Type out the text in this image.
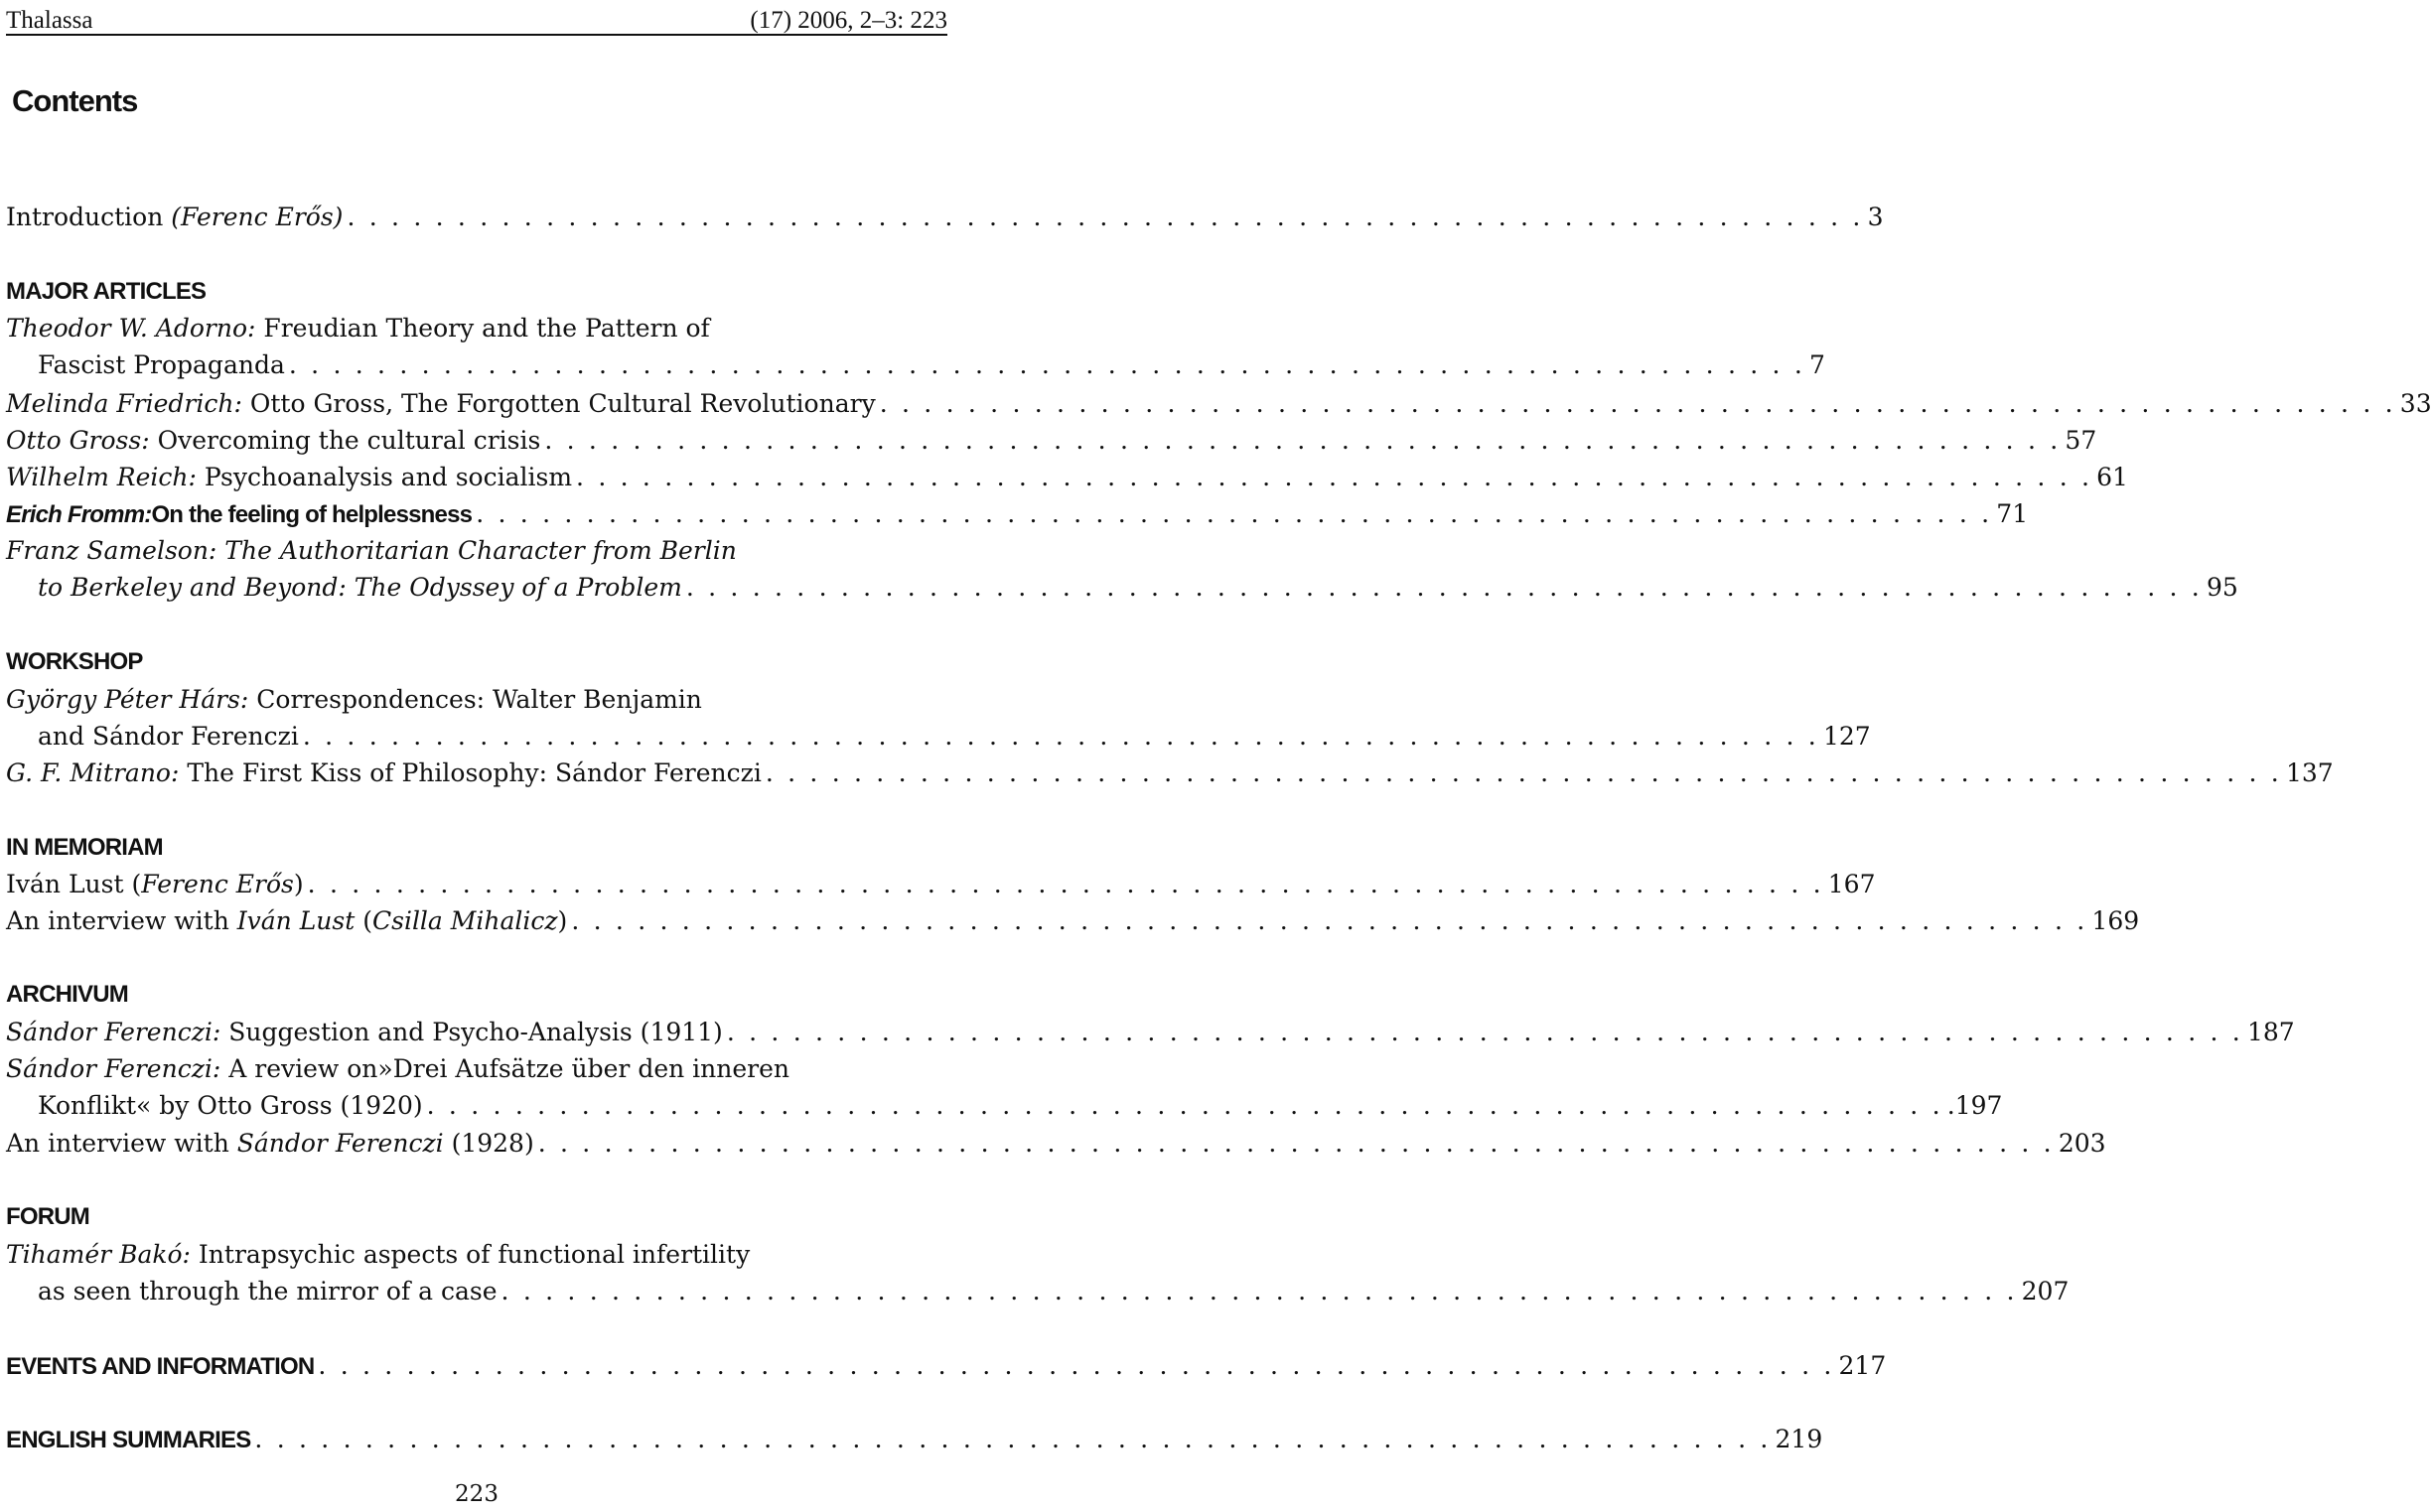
Thalassa	(17) 2006, 2–3: 223
Contents
Introduction (Ferenc Erős) . . . . . . . . . . . . . . . . . . . . . . . . . . . . . . . . . . . . . . . . . . . . . . . . . . . . . . . . . . . . . . . . . . . . . 3
MAJOR ARTICLES
Theodor W. Adorno: Freudian Theory and the Pattern of
Fascist Propaganda . . . . . . . . . . . . . . . . . . . . . . . . . . . . . . . . . . . . . . . . . . . . . . . . . . . . . . . . . . . . . . . . . . . . . 7
Melinda Friedrich: Otto Gross, The Forgotten Cultural Revolutionary . . . . . . . . . . . . . . . . . . . . . . . . . . . . . . . . . . . . . . . . . . . . . . . . . . . . . . . . . . . . . . . . . . . . . 33
Otto Gross: Overcoming the cultural crisis . . . . . . . . . . . . . . . . . . . . . . . . . . . . . . . . . . . . . . . . . . . . . . . . . . . . . . . . . . . . . . . . . . . . . 57
Wilhelm Reich: Psychoanalysis and socialism . . . . . . . . . . . . . . . . . . . . . . . . . . . . . . . . . . . . . . . . . . . . . . . . . . . . . . . . . . . . . . . . . . . . . 61
Erich Fromm:On the feeling of helplessness . . . . . . . . . . . . . . . . . . . . . . . . . . . . . . . . . . . . . . . . . . . . . . . . . . . . . . . . . . . . . . . . . . . . . 71
Franz Samelson: The Authoritarian Character from Berlin
to Berkeley and Beyond: The Odyssey of a Problem . . . . . . . . . . . . . . . . . . . . . . . . . . . . . . . . . . . . . . . . . . . . . . . . . . . . . . . . . . . . . . . . . . . . . 95
WORKSHOP
György Péter Hárs: Correspondences: Walter Benjamin
and Sándor Ferenczi . . . . . . . . . . . . . . . . . . . . . . . . . . . . . . . . . . . . . . . . . . . . . . . . . . . . . . . . . . . . . . . . . . . . . 127
G. F. Mitrano: The First Kiss of Philosophy: Sándor Ferenczi . . . . . . . . . . . . . . . . . . . . . . . . . . . . . . . . . . . . . . . . . . . . . . . . . . . . . . . . . . . . . . . . . . . . . 137
IN MEMORIAM
Iván Lust (Ferenc Erős) . . . . . . . . . . . . . . . . . . . . . . . . . . . . . . . . . . . . . . . . . . . . . . . . . . . . . . . . . . . . . . . . . . . . . 167
An interview with Iván Lust (Csilla Mihalicz) . . . . . . . . . . . . . . . . . . . . . . . . . . . . . . . . . . . . . . . . . . . . . . . . . . . . . . . . . . . . . . . . . . . . . 169
ARCHIVUM
Sándor Ferenczi: Suggestion and Psycho-Analysis (1911) . . . . . . . . . . . . . . . . . . . . . . . . . . . . . . . . . . . . . . . . . . . . . . . . . . . . . . . . . . . . . . . . . . . . . 187
Sándor Ferenczi: A review on»Drei Aufsätze über den inneren
Konflikt« by Otto Gross (1920) . . . . . . . . . . . . . . . . . . . . . . . . . . . . . . . . . . . . . . . . . . . . . . . . . . . . . . . . . . . . . . . . . . . . . .197
An interview with Sándor Ferenczi (1928) . . . . . . . . . . . . . . . . . . . . . . . . . . . . . . . . . . . . . . . . . . . . . . . . . . . . . . . . . . . . . . . . . . . . . 203
FORUM
Tihamér Bakó: Intrapsychic aspects of functional infertility
as seen through the mirror of a case . . . . . . . . . . . . . . . . . . . . . . . . . . . . . . . . . . . . . . . . . . . . . . . . . . . . . . . . . . . . . . . . . . . . . 207
EVENTS AND INFORMATION . . . . . . . . . . . . . . . . . . . . . . . . . . . . . . . . . . . . . . . . . . . . . . . . . . . . . . . . . . . . . . . . . . . . . 217
ENGLISH SUMMARIES . . . . . . . . . . . . . . . . . . . . . . . . . . . . . . . . . . . . . . . . . . . . . . . . . . . . . . . . . . . . . . . . . . . . . 219
223
